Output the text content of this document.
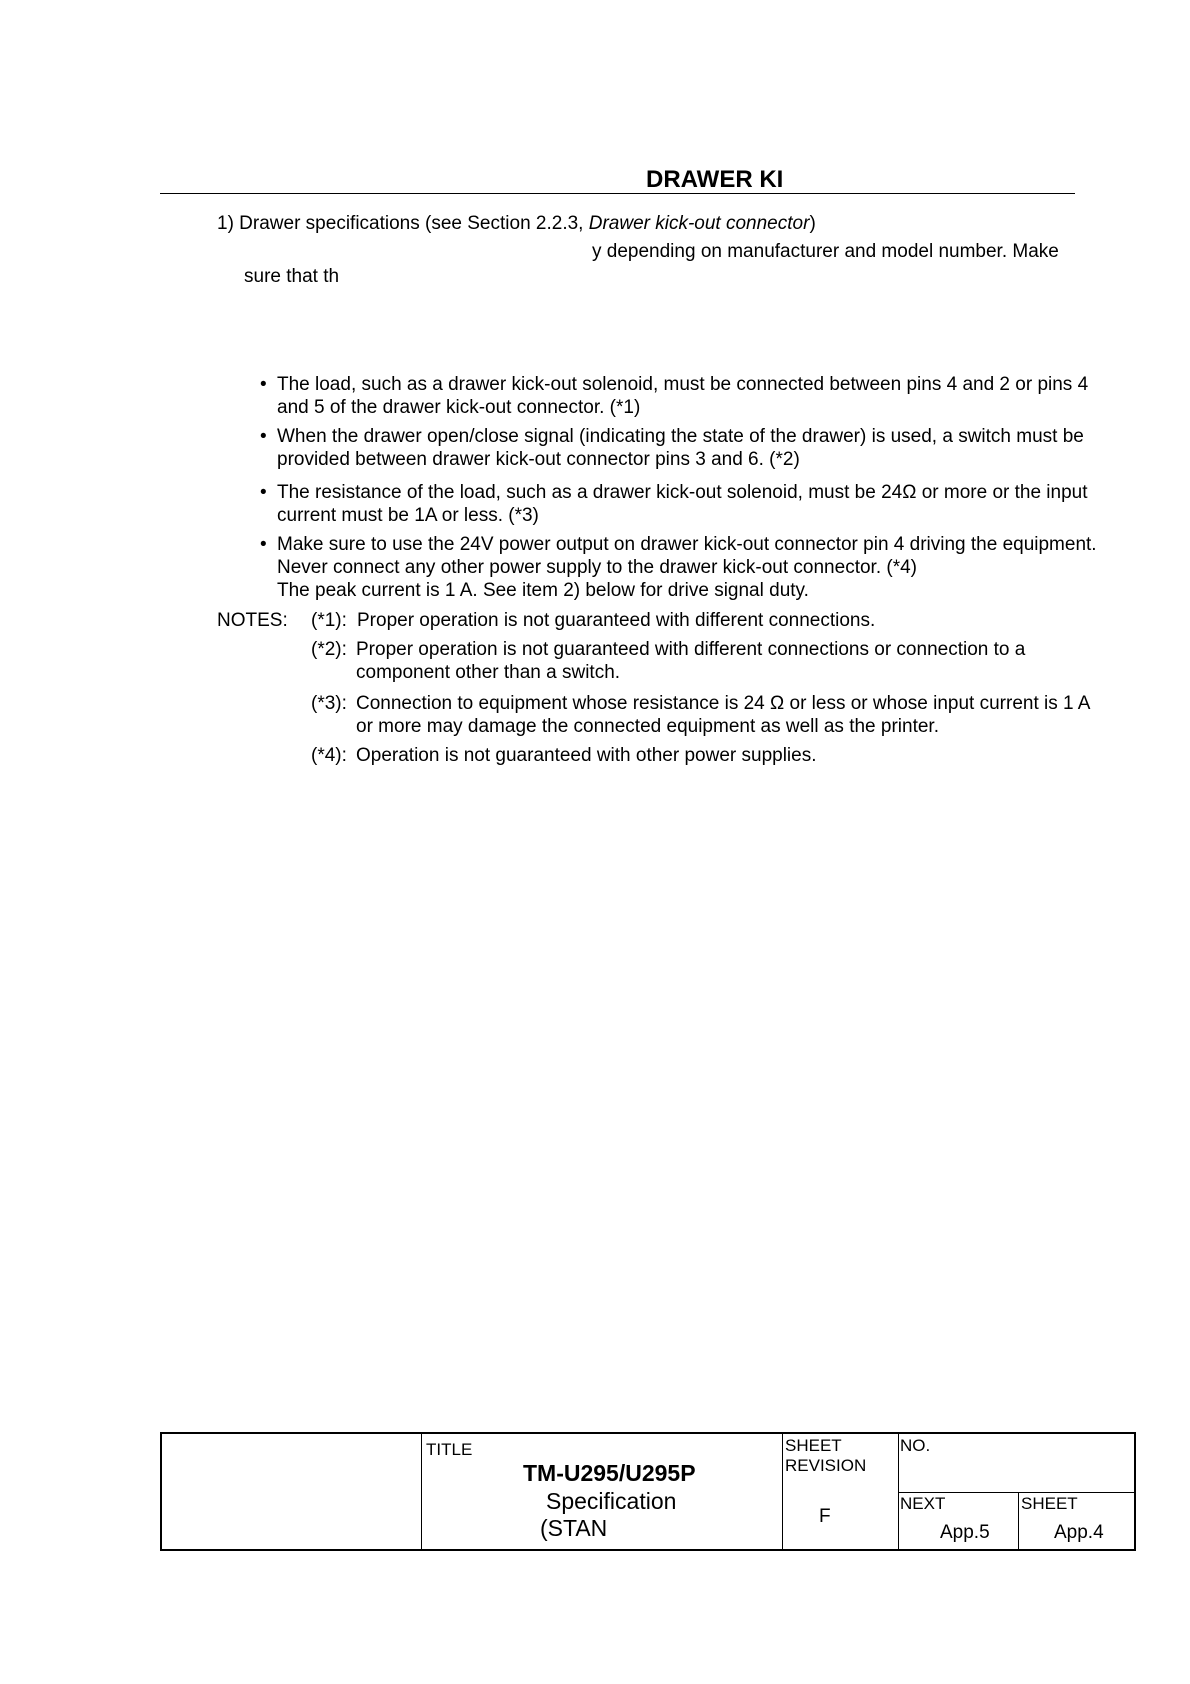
DRAWER KI
1) Drawer specifications (see Section 2.2.3, Drawer kick-out connector)
y depending on manufacturer and model number. Make
sure that th
• The load, such as a drawer kick-out solenoid, must be connected between pins 4 and 2 or pins 4
and 5 of the drawer kick-out connector. (*1)
• When the drawer open/close signal (indicating the state of the drawer) is used, a switch must be
provided between drawer kick-out connector pins 3 and 6. (*2)
• The resistance of the load, such as a drawer kick-out solenoid, must be 24Ω or more or the input
current must be 1A or less. (*3)
• Make sure to use the 24V power output on drawer kick-out connector pin 4 driving the equipment.
Never connect any other power supply to the drawer kick-out connector. (*4)
The peak current is 1 A. See item 2) below for drive signal duty.
NOTES: (*1): Proper operation is not guaranteed with different connections.
(*2): Proper operation is not guaranteed with different connections or connection to a
component other than a switch.
(*3): Connection to equipment whose resistance is 24 Ω or less or whose input current is 1 A
or more may damage the connected equipment as well as the printer.
(*4): Operation is not guaranteed with other power supplies.
TITLE
TM-U295/U295P
Specification
(STAN
SHEET
REVISION
F
NO.
NEXT
App.5
SHEET
App.4
